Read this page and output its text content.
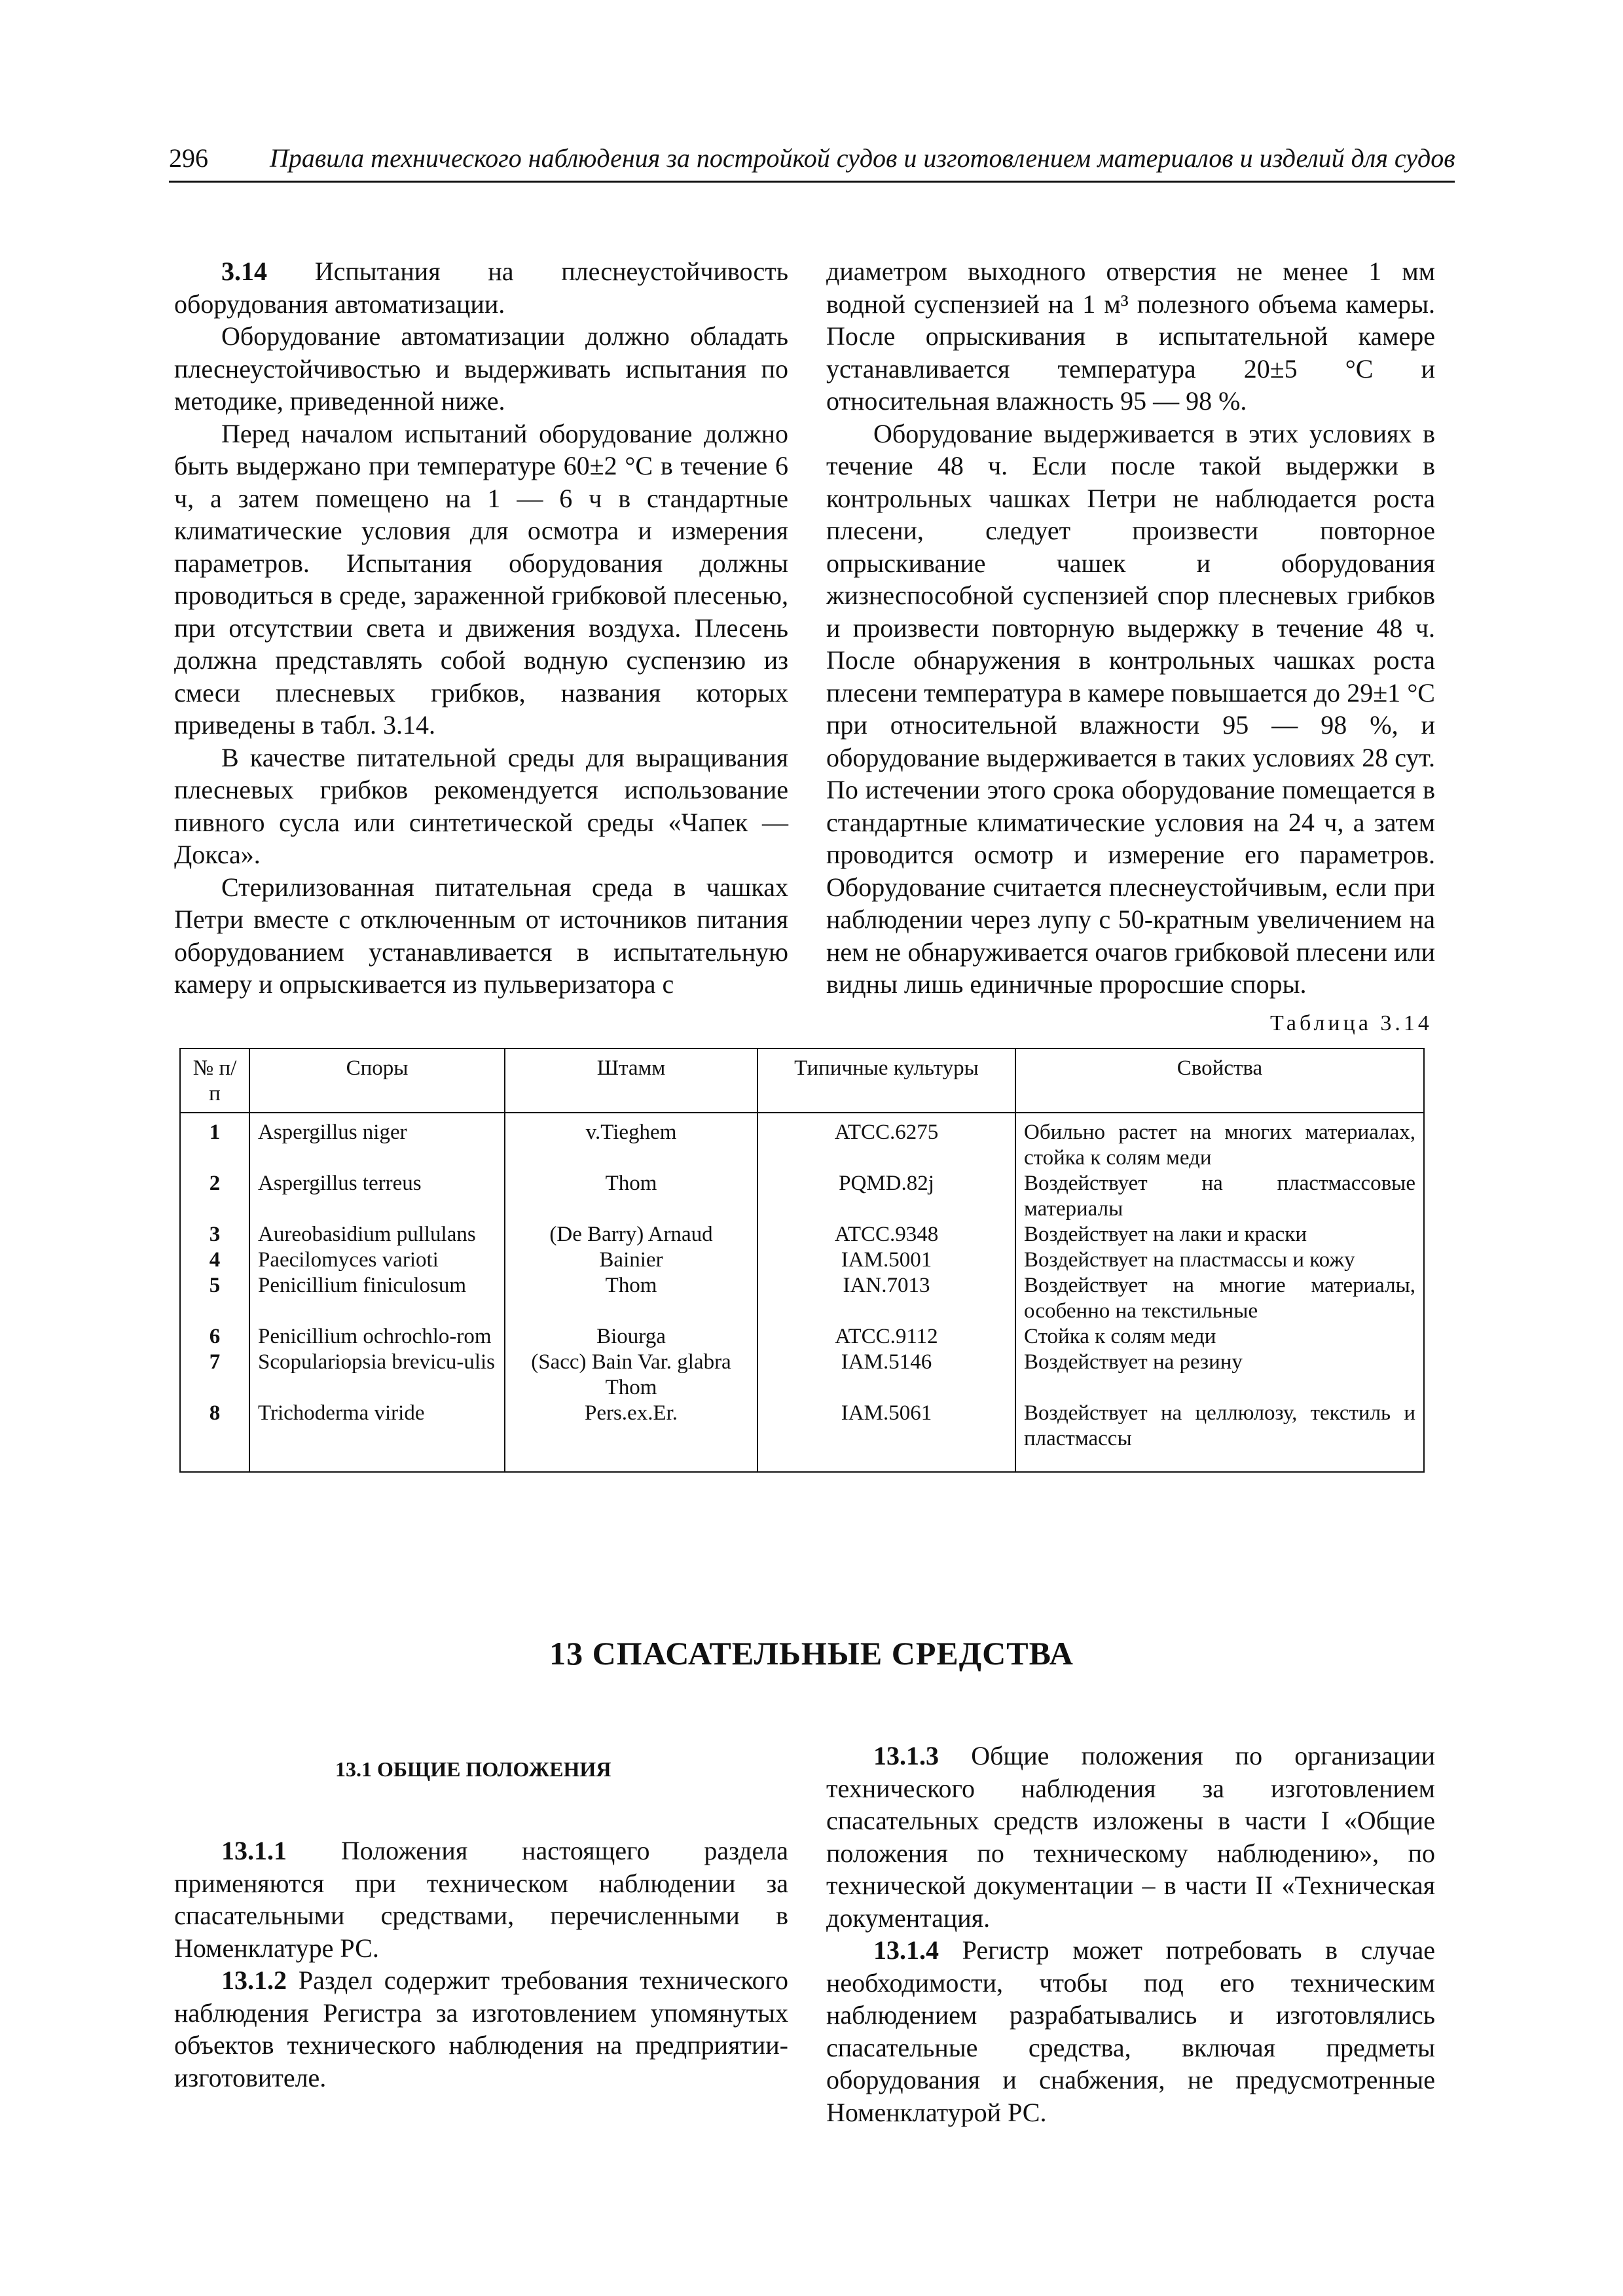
296 Правила технического наблюдения за постройкой судов и изготовлением материалов и изделий для судов

3.14 Испытания на плеснеустойчивость оборудования автоматизации.

Оборудование автоматизации должно обладать плеснеустойчивостью и выдерживать испытания по методике, приведенной ниже.

Перед началом испытаний оборудование должно быть выдержано при температуре 60±2 °С в течение 6 ч, а затем помещено на 1 — 6 ч в стандартные климатические условия для осмотра и измерения параметров. Испытания оборудования должны проводиться в среде, зараженной грибковой плесенью, при отсутствии света и движения воздуха. Плесень должна представлять собой водную суспензию из смеси плесневых грибков, названия которых приведены в табл. 3.14.

В качестве питательной среды для выращивания плесневых грибков рекомендуется использование пивного сусла или синтетической среды «Чапек — Докса».

Стерилизованная питательная среда в чашках Петри вместе с отключенным от источников питания оборудованием устанавливается в испытательную камеру и опрыскивается из пульверизатора с

диаметром выходного отверстия не менее 1 мм водной суспензией на 1 м³ полезного объема камеры. После опрыскивания в испытательной камере устанавливается температура 20±5 °С и относительная влажность 95 — 98 %.

Оборудование выдерживается в этих условиях в течение 48 ч. Если после такой выдержки в контрольных чашках Петри не наблюдается роста плесени, следует произвести повторное опрыскивание чашек и оборудования жизнеспособной суспензией спор плесневых грибков и произвести повторную выдержку в течение 48 ч. После обнаружения в контрольных чашках роста плесени температура в камере повышается до 29±1 °С при относительной влажности 95 — 98 %, и оборудование выдерживается в таких условиях 28 сут. По истечении этого срока оборудование помещается в стандартные климатические условия на 24 ч, а затем проводится осмотр и измерение его параметров. Оборудование считается плеснеустойчивым, если при наблюдении через лупу с 50-кратным увеличением на нем не обнаруживается очагов грибковой плесени или видны лишь единичные проросшие споры.

Таблица 3.14
№ п/п	Споры	Штамм	Типичные культуры	Свойства
1	Aspergillus niger	v.Tieghem	ATCC.6275	Обильно растет на многих материалах, стойка к солям меди
2	Aspergillus terreus	Thom	PQMD.82j	Воздействует на пластмассовые материалы
3	Aureobasidium pullulans	(De Barry) Arnaud	ATCC.9348	Воздействует на лаки и краски
4	Paecilomyces varioti	Bainier	IAM.5001	Воздействует на пластмассы и кожу
5	Penicillium finiculosum	Thom	IAN.7013	Воздействует на многие материалы, особенно на текстильные
6	Penicillium ochrochlo-rom	Biourga	ATCC.9112	Стойка к солям меди
7	Scopulariopsia brevicu-ulis	(Sacc) Bain Var. glabra Thom	IAM.5146	Воздействует на резину
8	Trichoderma viride	Pers.ex.Er.	IAM.5061	Воздействует на целлюлозу, текстиль и пластмассы
13 СПАСАТЕЛЬНЫЕ СРЕДСТВА
13.1 ОБЩИЕ ПОЛОЖЕНИЯ

13.1.1 Положения настоящего раздела применяются при техническом наблюдении за спасательными средствами, перечисленными в Номенклатуре РС.

13.1.2 Раздел содержит требования технического наблюдения Регистра за изготовлением упомянутых объектов технического наблюдения на предприятии-изготовителе.

13.1.3 Общие положения по организации технического наблюдения за изготовлением спасательных средств изложены в части I «Общие положения по техническому наблюдению», по технической документации – в части II «Техническая документация.

13.1.4 Регистр может потребовать в случае необходимости, чтобы под его техническим наблюдением разрабатывались и изготовлялись спасательные средства, включая предметы оборудования и снабжения, не предусмотренные Номенклатурой РС.
